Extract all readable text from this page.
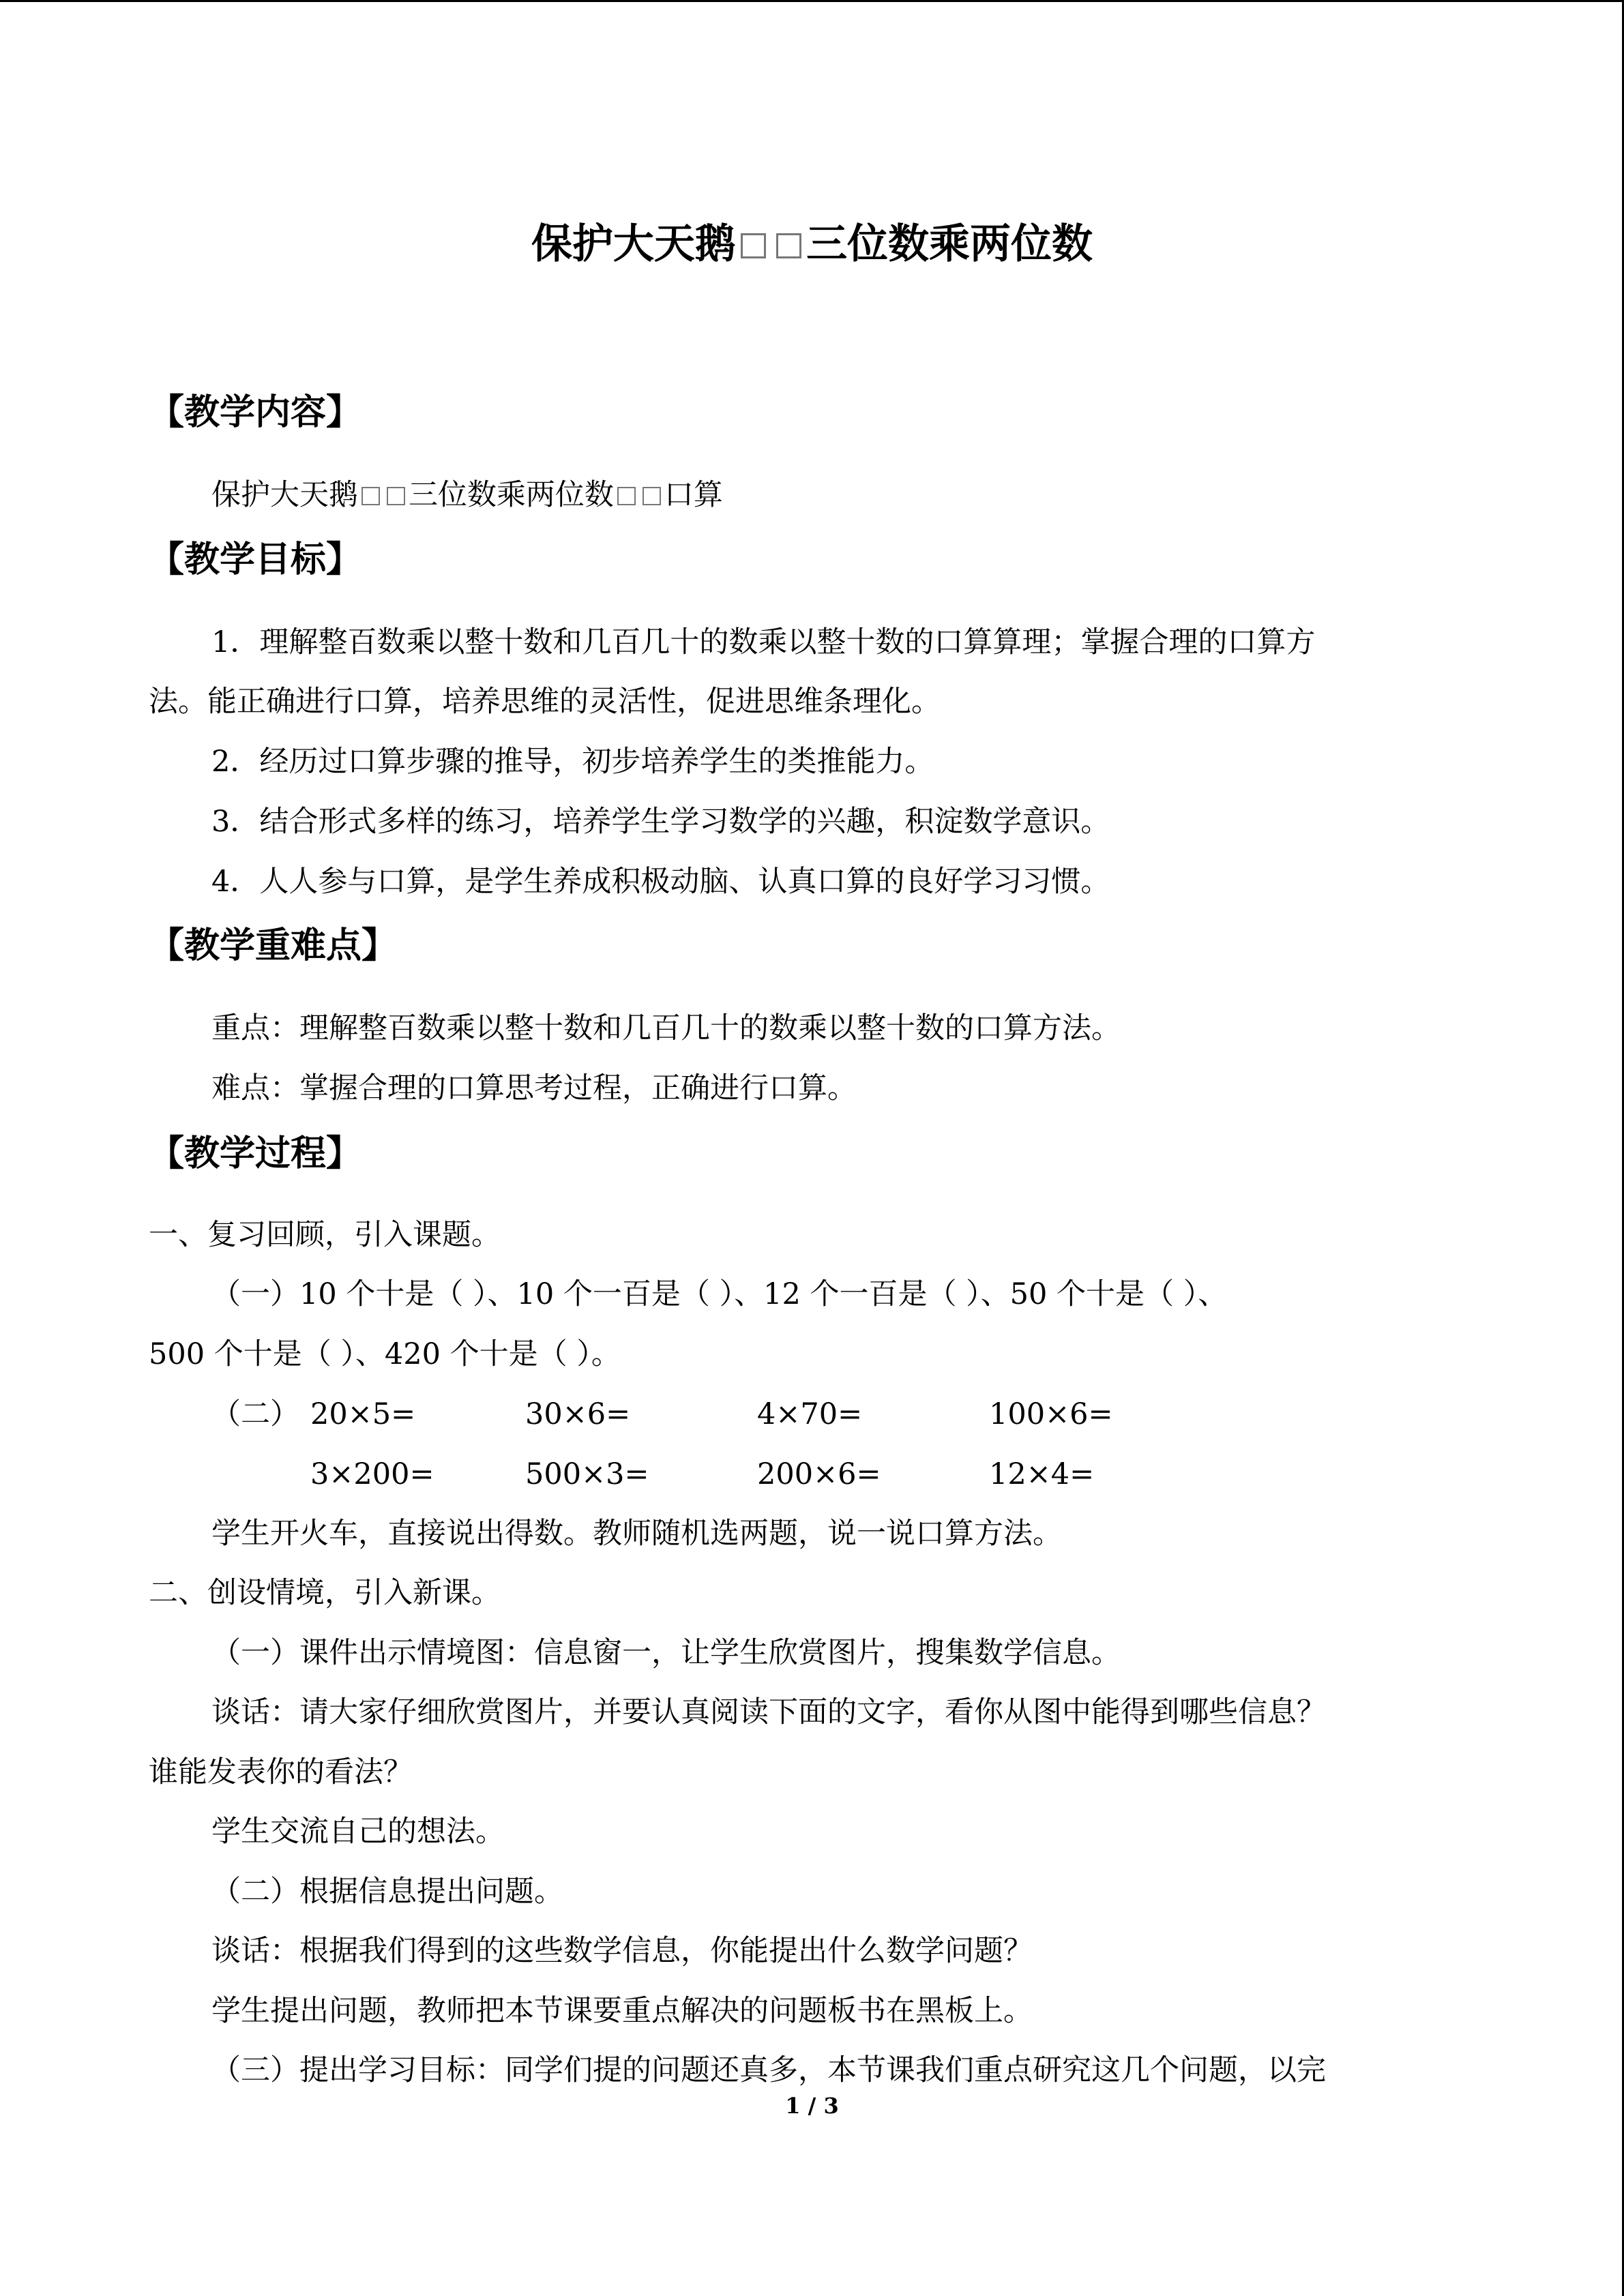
保护大天鹅 三位数乘两位数
【教学内容】
保护大天鹅 三位数乘两位数 口算
【教学目标】
1．理解整百数乘以整十数和几百几十的数乘以整十数的口算算理；掌握合理的口算方
法。能正确进行口算，培养思维的灵活性，促进思维条理化。
2．经历过口算步骤的推导，初步培养学生的类推能力。
3．结合形式多样的练习，培养学生学习数学的兴趣，积淀数学意识。
4．人人参与口算，是学生养成积极动脑、认真口算的良好学习习惯。
【教学重难点】
重点：理解整百数乘以整十数和几百几十的数乘以整十数的口算方法。
难点：掌握合理的口算思考过程，正确进行口算。
【教学过程】
一、复习回顾，引入课题。
（一）10 个十是（ ）、10 个一百是（ ）、12 个一百是（ ）、50 个十是（ ）、
500 个十是（ ）、420 个十是（ ）。
（二） 20×5=	30×6=	4×70=	100×6=
3×200=	500×3=	200×6=	12×4=
学生开火车，直接说出得数。教师随机选两题，说一说口算方法。
二、创设情境，引入新课。
（一）课件出示情境图：信息窗一，让学生欣赏图片，搜集数学信息。
谈话：请大家仔细欣赏图片，并要认真阅读下面的文字，看你从图中能得到哪些信息？
谁能发表你的看法？
学生交流自己的想法。
（二）根据信息提出问题。
谈话：根据我们得到的这些数学信息，你能提出什么数学问题？
学生提出问题，教师把本节课要重点解决的问题板书在黑板上。
（三）提出学习目标：同学们提的问题还真多，本节课我们重点研究这几个问题，以完
1 / 3
